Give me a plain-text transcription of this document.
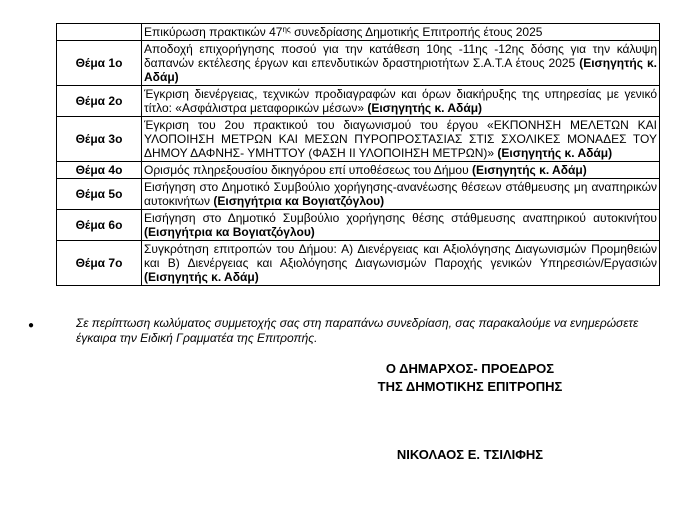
	Επικύρωση πρακτικών $47^{\eta\varsigma}$ συνεδρίασης Δημοτικής Επιτροπής έτους 2025
Θέμα 1ο	Αποδοχή επιχορήγησης ποσού για την κατάθεση 10ης -11ης -12ης δόσης για την κάλυψη δαπανών εκτέλεσης έργων και επενδυτικών δραστηριοτήτων Σ.Α.Τ.Α έτους 2025 (Εισηγητής κ. Αδάμ)
Θέμα 2ο	Έγκριση διενέργειας, τεχνικών προδιαγραφών και όρων διακήρυξης της υπηρεσίας με γενικό τίτλο: «Ασφάλιστρα μεταφορικών μέσων» (Εισηγητής κ. Αδάμ)
Θέμα 3ο	Έγκριση του 2ου πρακτικού του διαγωνισμού του έργου «ΕΚΠΟΝΗΣΗ ΜΕΛΕΤΩΝ ΚΑΙ ΥΛΟΠΟΙΗΣΗ ΜΕΤΡΩΝ ΚΑΙ ΜΕΣΩΝ ΠΥΡΟΠΡΟΣΤΑΣΙΑΣ ΣΤΙΣ ΣΧΟΛΙΚΕΣ ΜΟΝΑΔΕΣ ΤΟΥ ΔΗΜΟΥ ΔΑΦΝΗΣ- ΥΜΗΤΤΟΥ (ΦΑΣΗ ΙΙ ΥΛΟΠΟΙΗΣΗ ΜΕΤΡΩΝ)» (Εισηγητής κ. Αδάμ)
Θέμα 4ο	Ορισμός πληρεξουσίου δικηγόρου επί υποθέσεως του Δήμου (Εισηγητής κ. Αδάμ)
Θέμα 5ο	Εισήγηση στο Δημοτικό Συμβούλιο χορήγησης-ανανέωσης θέσεων στάθμευσης μη αναπηρικών αυτοκινήτων (Εισηγήτρια κα Βογιατζόγλου)
Θέμα 6ο	Εισήγηση στο Δημοτικό Συμβούλιο χορήγησης θέσης στάθμευσης αναπηρικού αυτοκινήτου (Εισηγήτρια κα Βογιατζόγλου)
Θέμα 7ο	Συγκρότηση επιτροπών του Δήμου: Α) Διενέργειας και Αξιολόγησης Διαγωνισμών Προμηθειών και Β) Διενέργειας και Αξιολόγησης Διαγωνισμών Παροχής γενικών Υπηρεσιών/Εργασιών (Εισηγητής κ. Αδάμ)
●	Σε περίπτωση κωλύματος συμμετοχής σας στη παραπάνω συνεδρίαση, σας παρακαλούμε να ενημερώσετε έγκαιρα την Ειδική Γραμματέα της Επιτροπής.
Ο ΔΗΜΑΡΧΟΣ- ΠΡΟΕΔΡΟΣ
ΤΗΣ ΔΗΜΟΤΙΚΗΣ ΕΠΙΤΡΟΠΗΣ
ΝΙΚΟΛΑΟΣ Ε. ΤΣΙΛΙΦΗΣ
